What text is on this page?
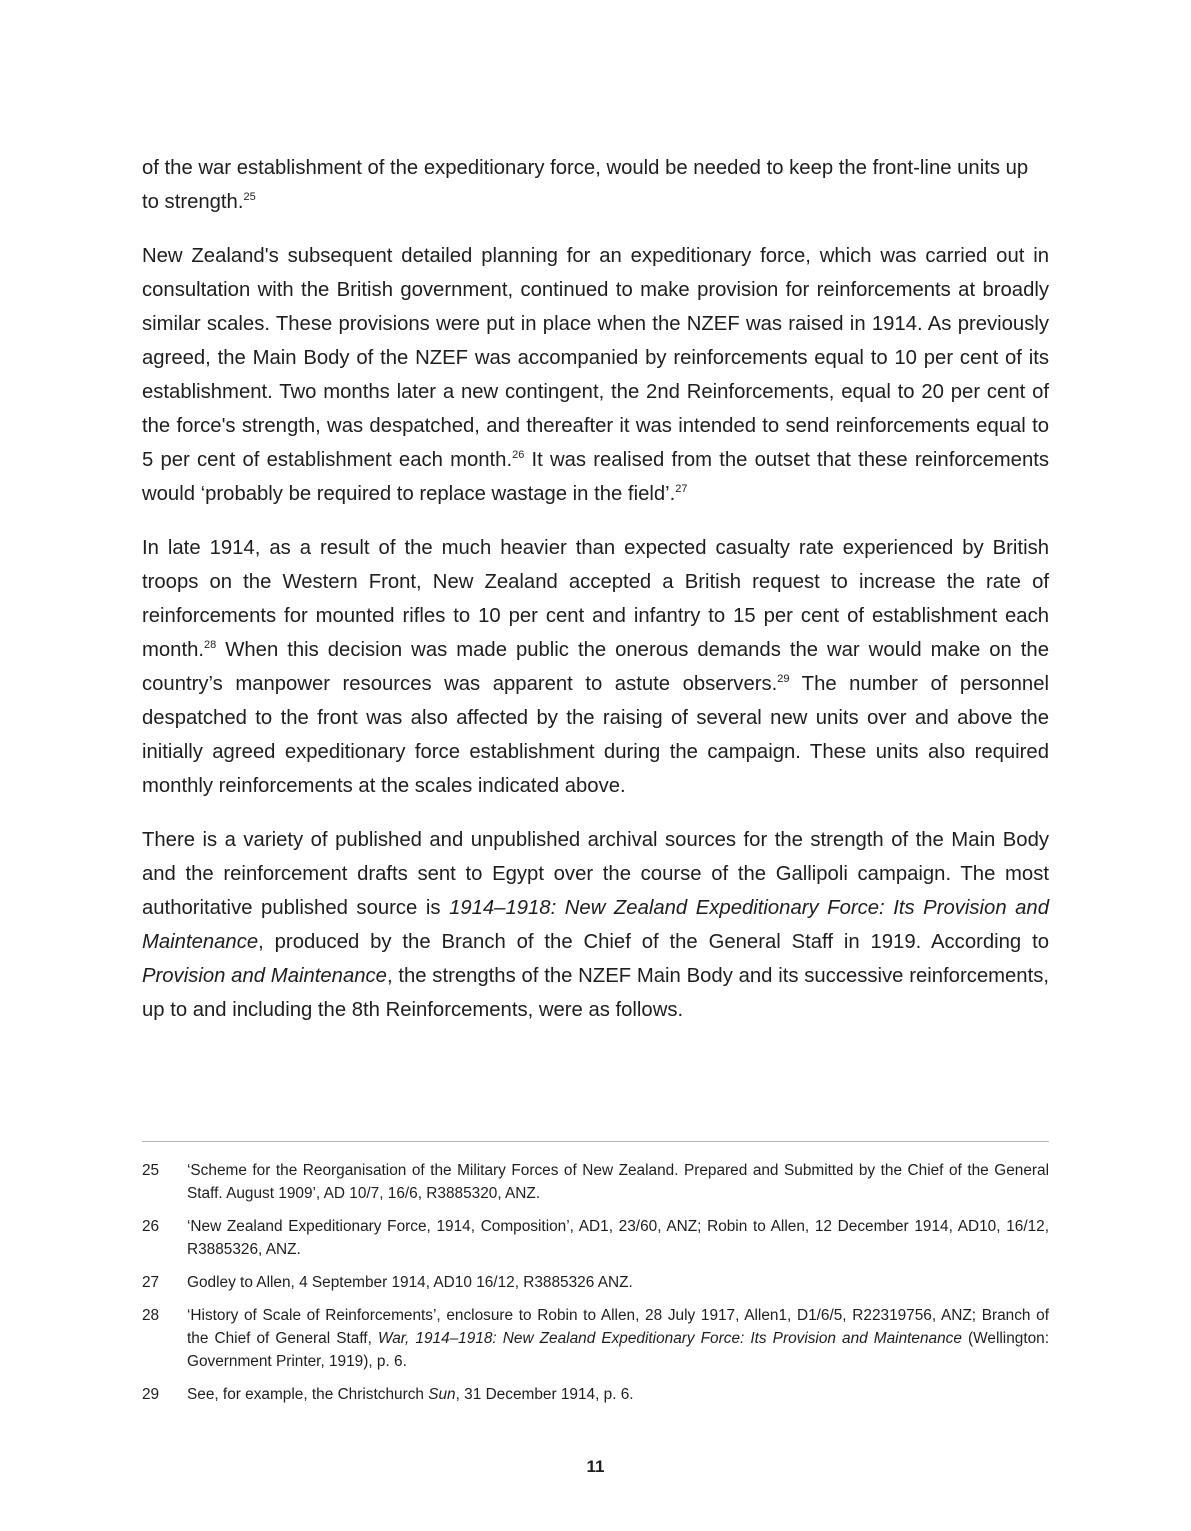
of the war establishment of the expeditionary force, would be needed to keep the front-line units up to strength.$^{25}$

New Zealand's subsequent detailed planning for an expeditionary force, which was carried out in consultation with the British government, continued to make provision for reinforcements at broadly similar scales. These provisions were put in place when the NZEF was raised in 1914. As previously agreed, the Main Body of the NZEF was accompanied by reinforcements equal to 10 per cent of its establishment. Two months later a new contingent, the 2nd Reinforcements, equal to 20 per cent of the force's strength, was despatched, and thereafter it was intended to send reinforcements equal to 5 per cent of establishment each month.$^{26}$ It was realised from the outset that these reinforcements would ‘probably be required to replace wastage in the field’.$^{27}$

In late 1914, as a result of the much heavier than expected casualty rate experienced by British troops on the Western Front, New Zealand accepted a British request to increase the rate of reinforcements for mounted rifles to 10 per cent and infantry to 15 per cent of establishment each month.$^{28}$ When this decision was made public the onerous demands the war would make on the country’s manpower resources was apparent to astute observers.$^{29}$ The number of personnel despatched to the front was also affected by the raising of several new units over and above the initially agreed expeditionary force establishment during the campaign. These units also required monthly reinforcements at the scales indicated above.

There is a variety of published and unpublished archival sources for the strength of the Main Body and the reinforcement drafts sent to Egypt over the course of the Gallipoli campaign. The most authoritative published source is 1914–1918: New Zealand Expeditionary Force: Its Provision and Maintenance, produced by the Branch of the Chief of the General Staff in 1919. According to Provision and Maintenance, the strengths of the NZEF Main Body and its successive reinforcements, up to and including the 8th Reinforcements, were as follows.

25	‘Scheme for the Reorganisation of the Military Forces of New Zealand. Prepared and Submitted by the Chief of the General Staff. August 1909’, AD 10/7, 16/6, R3885320, ANZ.
26	‘New Zealand Expeditionary Force, 1914, Composition’, AD1, 23/60, ANZ; Robin to Allen, 12 December 1914, AD10, 16/12, R3885326, ANZ.
27	Godley to Allen, 4 September 1914, AD10 16/12, R3885326 ANZ.
28	‘History of Scale of Reinforcements’, enclosure to Robin to Allen, 28 July 1917, Allen1, D1/6/5, R22319756, ANZ; Branch of the Chief of General Staff, War, 1914–1918: New Zealand Expeditionary Force: Its Provision and Maintenance (Wellington: Government Printer, 1919), p. 6.
29	See, for example, the Christchurch Sun, 31 December 1914, p. 6.
11
